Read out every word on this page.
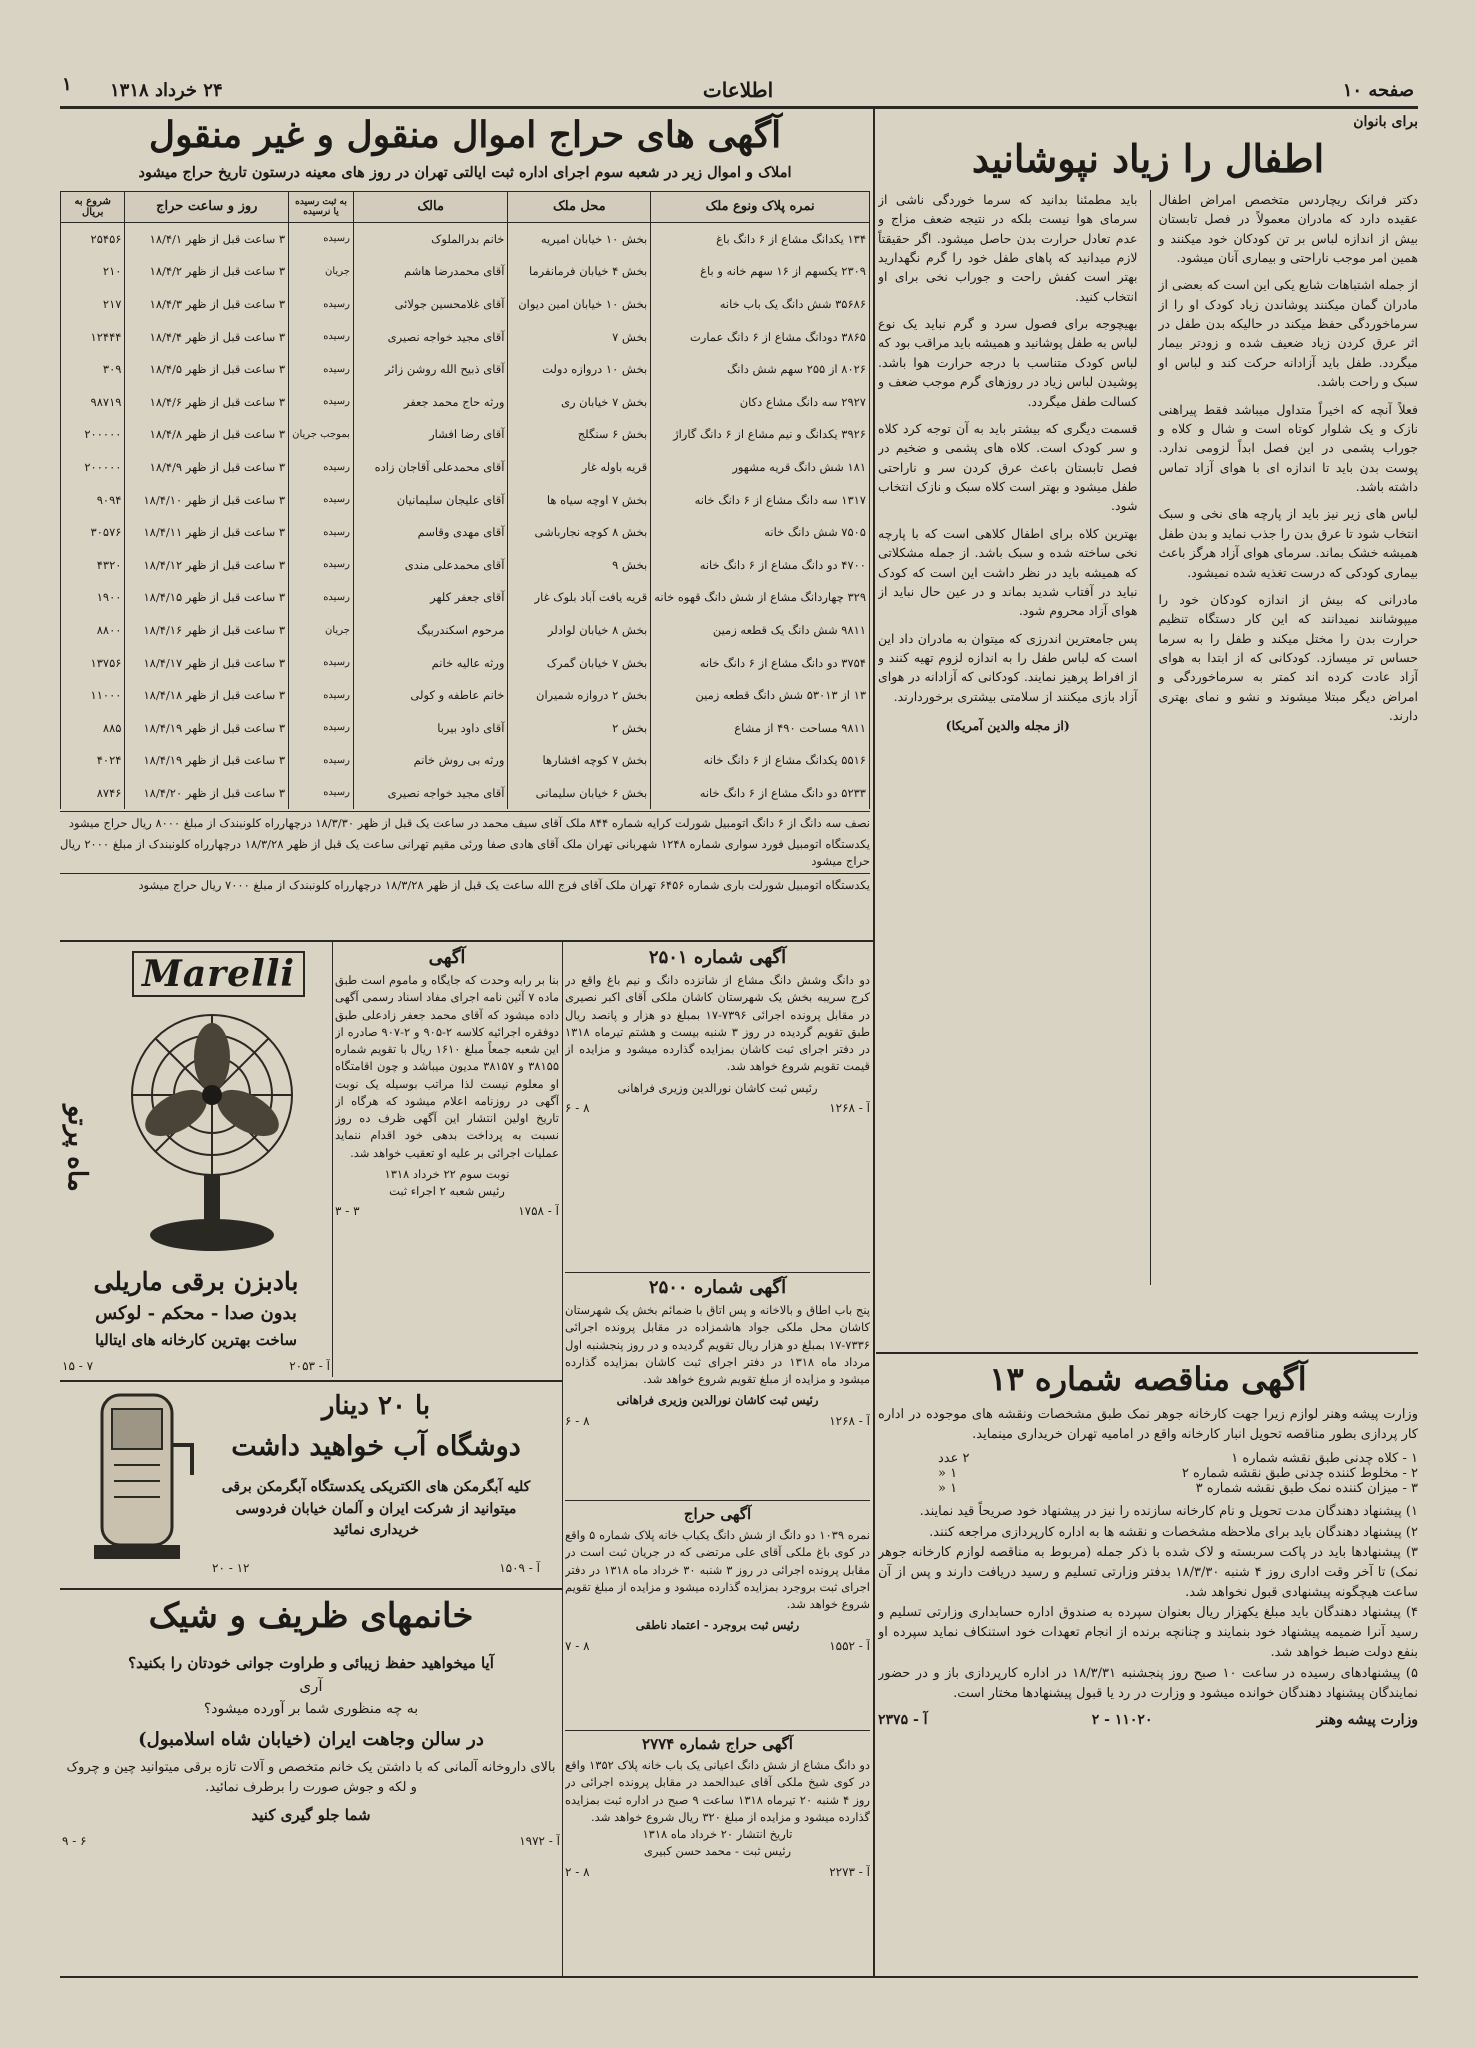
صفحه ۱۰
اطلاعات
۲۴ خرداد ۱۳۱۸
۱
برای بانوان
اطفال را زیاد نپوشانید

دکتر فرانک ریچاردس متخصص امراض اطفال عقیده دارد که مادران معمولاً در فصل تابستان بیش از اندازه لباس بر تن کودکان خود میکنند و همین امر موجب ناراحتی و بیماری آنان میشود.

از جمله اشتباهات شایع یکی این است که بعضی از مادران گمان میکنند پوشاندن زیاد کودک او را از سرماخوردگی حفظ میکند در حالیکه بدن طفل در اثر عرق کردن زیاد ضعیف شده و زودتر بیمار میگردد. طفل باید آزادانه حرکت کند و لباس او سبک و راحت باشد.

فعلاً آنچه که اخیراً متداول میباشد فقط پیراهنی نازک و یک شلوار کوتاه است و شال و کلاه و جوراب پشمی در این فصل ابداً لزومی ندارد. پوست بدن باید تا اندازه ای با هوای آزاد تماس داشته باشد.

لباس های زیر نیز باید از پارچه های نخی و سبک انتخاب شود تا عرق بدن را جذب نماید و بدن طفل همیشه خشک بماند. سرمای هوای آزاد هرگز باعث بیماری کودکی که درست تغذیه شده نمیشود.

مادرانی که بیش از اندازه کودکان خود را میپوشانند نمیدانند که این کار دستگاه تنظیم حرارت بدن را مختل میکند و طفل را به سرما حساس تر میسازد. کودکانی که از ابتدا به هوای آزاد عادت کرده اند کمتر به سرماخوردگی و امراض دیگر مبتلا میشوند و نشو و نمای بهتری دارند.

باید مطمئنا بدانید که سرما خوردگی ناشی از سرمای هوا نیست بلکه در نتیجه ضعف مزاج و عدم تعادل حرارت بدن حاصل میشود. اگر حقیقتاً لازم میدانید که پاهای طفل خود را گرم نگهدارید بهتر است کفش راحت و جوراب نخی برای او انتخاب کنید.

بهیچوجه برای فصول سرد و گرم نباید یک نوع لباس به طفل پوشانید و همیشه باید مراقب بود که لباس کودک متناسب با درجه حرارت هوا باشد. پوشیدن لباس زیاد در روزهای گرم موجب ضعف و کسالت طفل میگردد.

قسمت دیگری که بیشتر باید به آن توجه کرد کلاه و سر کودک است. کلاه های پشمی و ضخیم در فصل تابستان باعث عرق کردن سر و ناراحتی طفل میشود و بهتر است کلاه سبک و نازک انتخاب شود.

بهترین کلاه برای اطفال کلاهی است که با پارچه نخی ساخته شده و سبک باشد. از جمله مشکلاتی که همیشه باید در نظر داشت این است که کودک نباید در آفتاب شدید بماند و در عین حال نباید از هوای آزاد محروم شود.

پس جامعترین اندرزی که میتوان به مادران داد این است که لباس طفل را به اندازه لزوم تهیه کنند و از افراط پرهیز نمایند. کودکانی که آزادانه در هوای آزاد بازی میکنند از سلامتی بیشتری برخوردارند.

(از مجله والدین آمریکا)

آگهی های حراج اموال منقول و غیر منقول
املاک و اموال زیر در شعبه سوم اجرای اداره ثبت ایالتی تهران در روز های معینه درستون تاریخ حراج میشود
نمره پلاک ونوع ملک	محل ملک	مالک	به ثبت رسیده یا نرسیده	روز و ساعت حراج	شروع به بریال
۱۳۴ یکدانگ مشاع از ۶ دانگ باغ	بخش ۱۰ خیابان امیریه	خانم بدرالملوک	رسیده	۳ ساعت قبل از ظهر ۱۸/۴/۱	۲۵۴۵۶
۲۳۰۹ یکسهم از ۱۶ سهم خانه و باغ	بخش ۴ خیابان فرمانفرما	آقای محمدرضا هاشم	جریان	۳ ساعت قبل از ظهر ۱۸/۴/۲	۲۱۰
۳۵۶۸۶ شش دانگ یک باب خانه	بخش ۱۰ خیابان امین دیوان	آقای غلامحسین جولائی	رسیده	۳ ساعت قبل از ظهر ۱۸/۴/۳	۲۱۷
۳۸۶۵ دودانگ مشاع از ۶ دانگ عمارت	بخش ۷	آقای مجید خواجه نصیری	رسیده	۳ ساعت قبل از ظهر ۱۸/۴/۴	۱۲۴۴۴
۸۰۲۶ از ۲۵۵ سهم شش دانگ	بخش ۱۰ دروازه دولت	آقای ذبیح الله روشن زائر	رسیده	۳ ساعت قبل از ظهر ۱۸/۴/۵	۳۰۹
۲۹۲۷ سه دانگ مشاع دکان	بخش ۷ خیابان ری	ورثه حاج محمد جعفر	رسیده	۳ ساعت قبل از ظهر ۱۸/۴/۶	۹۸۷۱۹
۳۹۲۶ یکدانگ و نیم مشاع از ۶ دانگ گاراژ	بخش ۶ سنگلج	آقای رضا افشار	بموجب جریان	۳ ساعت قبل از ظهر ۱۸/۴/۸	۲۰۰۰۰۰
۱۸۱ شش دانگ قریه مشهور	قریه باوله غار	آقای محمدعلی آقاجان زاده	رسیده	۳ ساعت قبل از ظهر ۱۸/۴/۹	۲۰۰۰۰۰
۱۳۱۷ سه دانگ مشاع از ۶ دانگ خانه	بخش ۷ اوچه سیاه ها	آقای علیجان سلیمانیان	رسیده	۳ ساعت قبل از ظهر ۱۸/۴/۱۰	۹۰۹۴
۷۵۰۵ شش دانگ خانه	بخش ۸ کوچه نجارباشی	آقای مهدی وقاسم	رسیده	۳ ساعت قبل از ظهر ۱۸/۴/۱۱	۳۰۵۷۶
۴۷۰۰ دو دانگ مشاع از ۶ دانگ خانه	بخش ۹	آقای محمدعلی مندی	رسیده	۳ ساعت قبل از ظهر ۱۸/۴/۱۲	۴۳۲۰
۳۲۹ چهاردانگ مشاع از شش دانگ قهوه خانه	قریه یافت آباد بلوک غار	آقای جعفر کلهر	رسیده	۳ ساعت قبل از ظهر ۱۸/۴/۱۵	۱۹۰۰
۹۸۱۱ شش دانگ یک قطعه زمین	بخش ۸ خیابان لوادلر	مرحوم اسکندربیگ	جریان	۳ ساعت قبل از ظهر ۱۸/۴/۱۶	۸۸۰۰
۳۷۵۴ دو دانگ مشاع از ۶ دانگ خانه	بخش ۷ خیابان گمرک	ورثه عالیه خانم	رسیده	۳ ساعت قبل از ظهر ۱۸/۴/۱۷	۱۳۷۵۶
۱۳ از ۵۳۰۱۳ شش دانگ قطعه زمین	بخش ۲ دروازه شمیران	خانم عاطفه و کولی	رسیده	۳ ساعت قبل از ظهر ۱۸/۴/۱۸	۱۱۰۰۰
۹۸۱۱ مساحت ۴۹۰ از مشاع	بخش ۲	آقای داود بیربا	رسیده	۳ ساعت قبل از ظهر ۱۸/۴/۱۹	۸۸۵
۵۵۱۶ یکدانگ مشاع از ۶ دانگ خانه	بخش ۷ کوچه افشارها	ورثه بی روش خانم	رسیده	۳ ساعت قبل از ظهر ۱۸/۴/۱۹	۴۰۲۴
۵۲۳۳ دو دانگ مشاع از ۶ دانگ خانه	بخش ۶ خیابان سلیمانی	آقای مجید خواجه نصیری	رسیده	۳ ساعت قبل از ظهر ۱۸/۴/۲۰	۸۷۴۶

نصف سه دانگ از ۶ دانگ اتومبیل شورلت کرایه شماره ۸۴۴ ملک آقای سیف محمد در ساعت یک قبل از ظهر ۱۸/۳/۳۰ درچهارراه کلونبندک از مبلغ ۸۰۰۰ ریال حراج میشود

یکدستگاه اتومبیل فورد سواری شماره ۱۲۴۸ شهربانی تهران ملک آقای هادی صفا ورئی مقیم تهرانی ساعت یک قبل از ظهر ۱۸/۳/۲۸ درچهارراه کلونبندک از مبلغ ۲۰۰۰ ریال حراج میشود

یکدستگاه اتومبیل شورلت باری شماره ۶۴۵۶ تهران ملک آقای فرج الله ساعت یک قبل از ظهر ۱۸/۳/۲۸ درچهارراه کلونبندک از مبلغ ۷۰۰۰ ریال حراج میشود

آگهی شماره ۲۵۰۱

دو دانگ وشش دانگ مشاع از شانزده دانگ و نیم باغ واقع در کرج سریبه بخش یک شهرستان کاشان ملکی آقای اکبر نصیری در مقابل پرونده اجرائی ۷۳۹۶-۱۷ بمبلغ دو هزار و پانصد ریال طبق تقویم گردیده در روز ۳ شنبه بیست و هشتم تیرماه ۱۳۱۸ در دفتر اجرای ثبت کاشان بمزایده گذارده میشود و مزایده از قیمت تقویم شروع خواهد شد.

رئیس ثبت کاشان نورالدین وزیری فراهانی
آ - ۱۲۶۸
۸ - ۶
آگهی شماره ۲۵۰۰

پنج باب اطاق و بالاخانه و پس اتاق با ضمائم بخش یک شهرستان کاشان محل ملکی جواد هاشمزاده در مقابل پرونده اجرائی ۷۳۳۶-۱۷ بمبلغ دو هزار ریال تقویم گردیده و در روز پنجشنبه اول مرداد ماه ۱۳۱۸ در دفتر اجرای ثبت کاشان بمزایده گذارده میشود و مزایده از مبلغ تقویم شروع خواهد شد.

رئیس ثبت کاشان نورالدین وزیری فراهانی
آ - ۱۲۶۸
۸ - ۶
آگهی حراج

نمره ۱۰۳۹ دو دانگ از شش دانگ یکباب خانه پلاک شماره ۵ واقع در کوی باغ ملکی آقای علی مرتضی که در جریان ثبت است در مقابل پرونده اجرائی در روز ۳ شنبه ۳۰ خرداد ماه ۱۳۱۸ در دفتر اجرای ثبت بروجرد بمزایده گذارده میشود و مزایده از مبلغ تقویم شروع خواهد شد.

رئیس ثبت بروجرد - اعتماد ناطقی
آ - ۱۵۵۲
۸ - ۷
آگهی حراج شماره ۲۷۷۴

دو دانگ مشاع از شش دانگ اعیانی یک باب خانه پلاک ۱۳۵۲ واقع در کوی شیخ ملکی آقای عبدالحمد در مقابل پرونده اجرائی در روز ۴ شنبه ۲۰ تیرماه ۱۳۱۸ ساعت ۹ صبح در اداره ثبت بمزایده گذارده میشود و مزایده از مبلغ ۳۲۰ ریال شروع خواهد شد.

تاریخ انتشار ۲۰ خرداد ماه ۱۳۱۸
رئیس ثبت - محمد حسن کبیری
آ - ۲۲۷۳
۸ - ۲
آگهی

بنا بر رابه وحدت که جایگاه و ماموم است طبق ماده ۷ آئین نامه اجرای مفاد اسناد رسمی آگهی داده میشود که آقای محمد جعفر زادعلی طبق دوفقره اجرائیه کلاسه ۲-۹۰۵ و ۲-۹۰۷ صادره از این شعبه جمعاً مبلغ ۱۶۱۰ ریال با تقویم شماره ۳۸۱۵۵ و ۳۸۱۵۷ مدیون میباشد و چون اقامتگاه او معلوم نیست لذا مراتب بوسیله یک نوبت آگهی در روزنامه اعلام میشود که هرگاه از تاریخ اولین انتشار این آگهی ظرف ده روز نسبت به پرداخت بدهی خود اقدام ننماید عملیات اجرائی بر علیه او تعقیب خواهد شد.

نوبت سوم ۲۲ خرداد ۱۳۱۸
رئیس شعبه ۲ اجراء ثبت
آ - ۱۷۵۸
۳ - ۳
Marelli
ماه پرتو
بادبزن برقی ماریلی
بدون صدا - محکم - لوکس
ساخت بهترین کارخانه های ایتالیا
آ - ۲۰۵۳
۷ - ۱۵
با ۲۰ دینار
دوشگاه آب خواهید داشت

کلیه آبگرمکن های الکتریکی یکدستگاه آبگرمکن برقی میتوانید از شرکت ایران و آلمان خیابان فردوسی خریداری نمائید

آ - ۱۵۰۹
۱۲ - ۲۰
خانمهای ظریف و شیک

آیا میخواهید حفظ زیبائی و طراوت جوانی خودتان را بکنید؟

آری

به چه منظوری شما بر آورده میشود؟

در سالن وجاهت ایران (خیابان شاه اسلامبول)

بالای داروخانه آلمانی که با داشتن یک خانم متخصص و آلات تازه برقی میتوانید چین و چروک و لکه و جوش صورت را برطرف نمائید.

شما جلو گیری کنید

آ - ۱۹۷۲
۶ - ۹
آگهی مناقصه شماره ۱۳

وزارت پیشه وهنر لوازم زیرا جهت کارخانه جوهر نمک طبق مشخصات ونقشه های موجوده در اداره کار پردازی بطور مناقصه تحویل انبار کارخانه واقع در امامیه تهران خریداری مینماید.

۱ - کلاه چدنی طبق نقشه شماره ۱
۲ عدد
۲ - مخلوط کننده چدنی طبق نقشه شماره ۲
۱ «
۳ - میزان کننده نمک طبق نقشه شماره ۳
۱ «

۱) پیشنهاد دهندگان مدت تحویل و نام کارخانه سازنده را نیز در پیشنهاد خود صریحاً قید نمایند.

۲) پیشنهاد دهندگان باید برای ملاحظه مشخصات و نقشه ها به اداره کارپردازی مراجعه کنند.

۳) پیشنهادها باید در پاکت سربسته و لاک شده با ذکر جمله (مربوط به مناقصه لوازم کارخانه جوهر نمک) تا آخر وقت اداری روز ۴ شنبه ۱۸/۳/۳۰ بدفتر وزارتی تسلیم و رسید دریافت دارند و پس از آن ساعت هیچگونه پیشنهادی قبول نخواهد شد.

۴) پیشنهاد دهندگان باید مبلغ یکهزار ریال بعنوان سپرده به صندوق اداره حسابداری وزارتی تسلیم و رسید آنرا ضمیمه پیشنهاد خود بنمایند و چنانچه برنده از انجام تعهدات خود استنکاف نماید سپرده او بنفع دولت ضبط خواهد شد.

۵) پیشنهادهای رسیده در ساعت ۱۰ صبح روز پنجشنبه ۱۸/۳/۳۱ در اداره کارپردازی باز و در حضور نمایندگان پیشنهاد دهندگان خوانده میشود و وزارت در رد یا قبول پیشنهادها مختار است.

وزارت پیشه وهنر
۱۱۰۲۰ - ۲
آ - ۲۳۷۵
